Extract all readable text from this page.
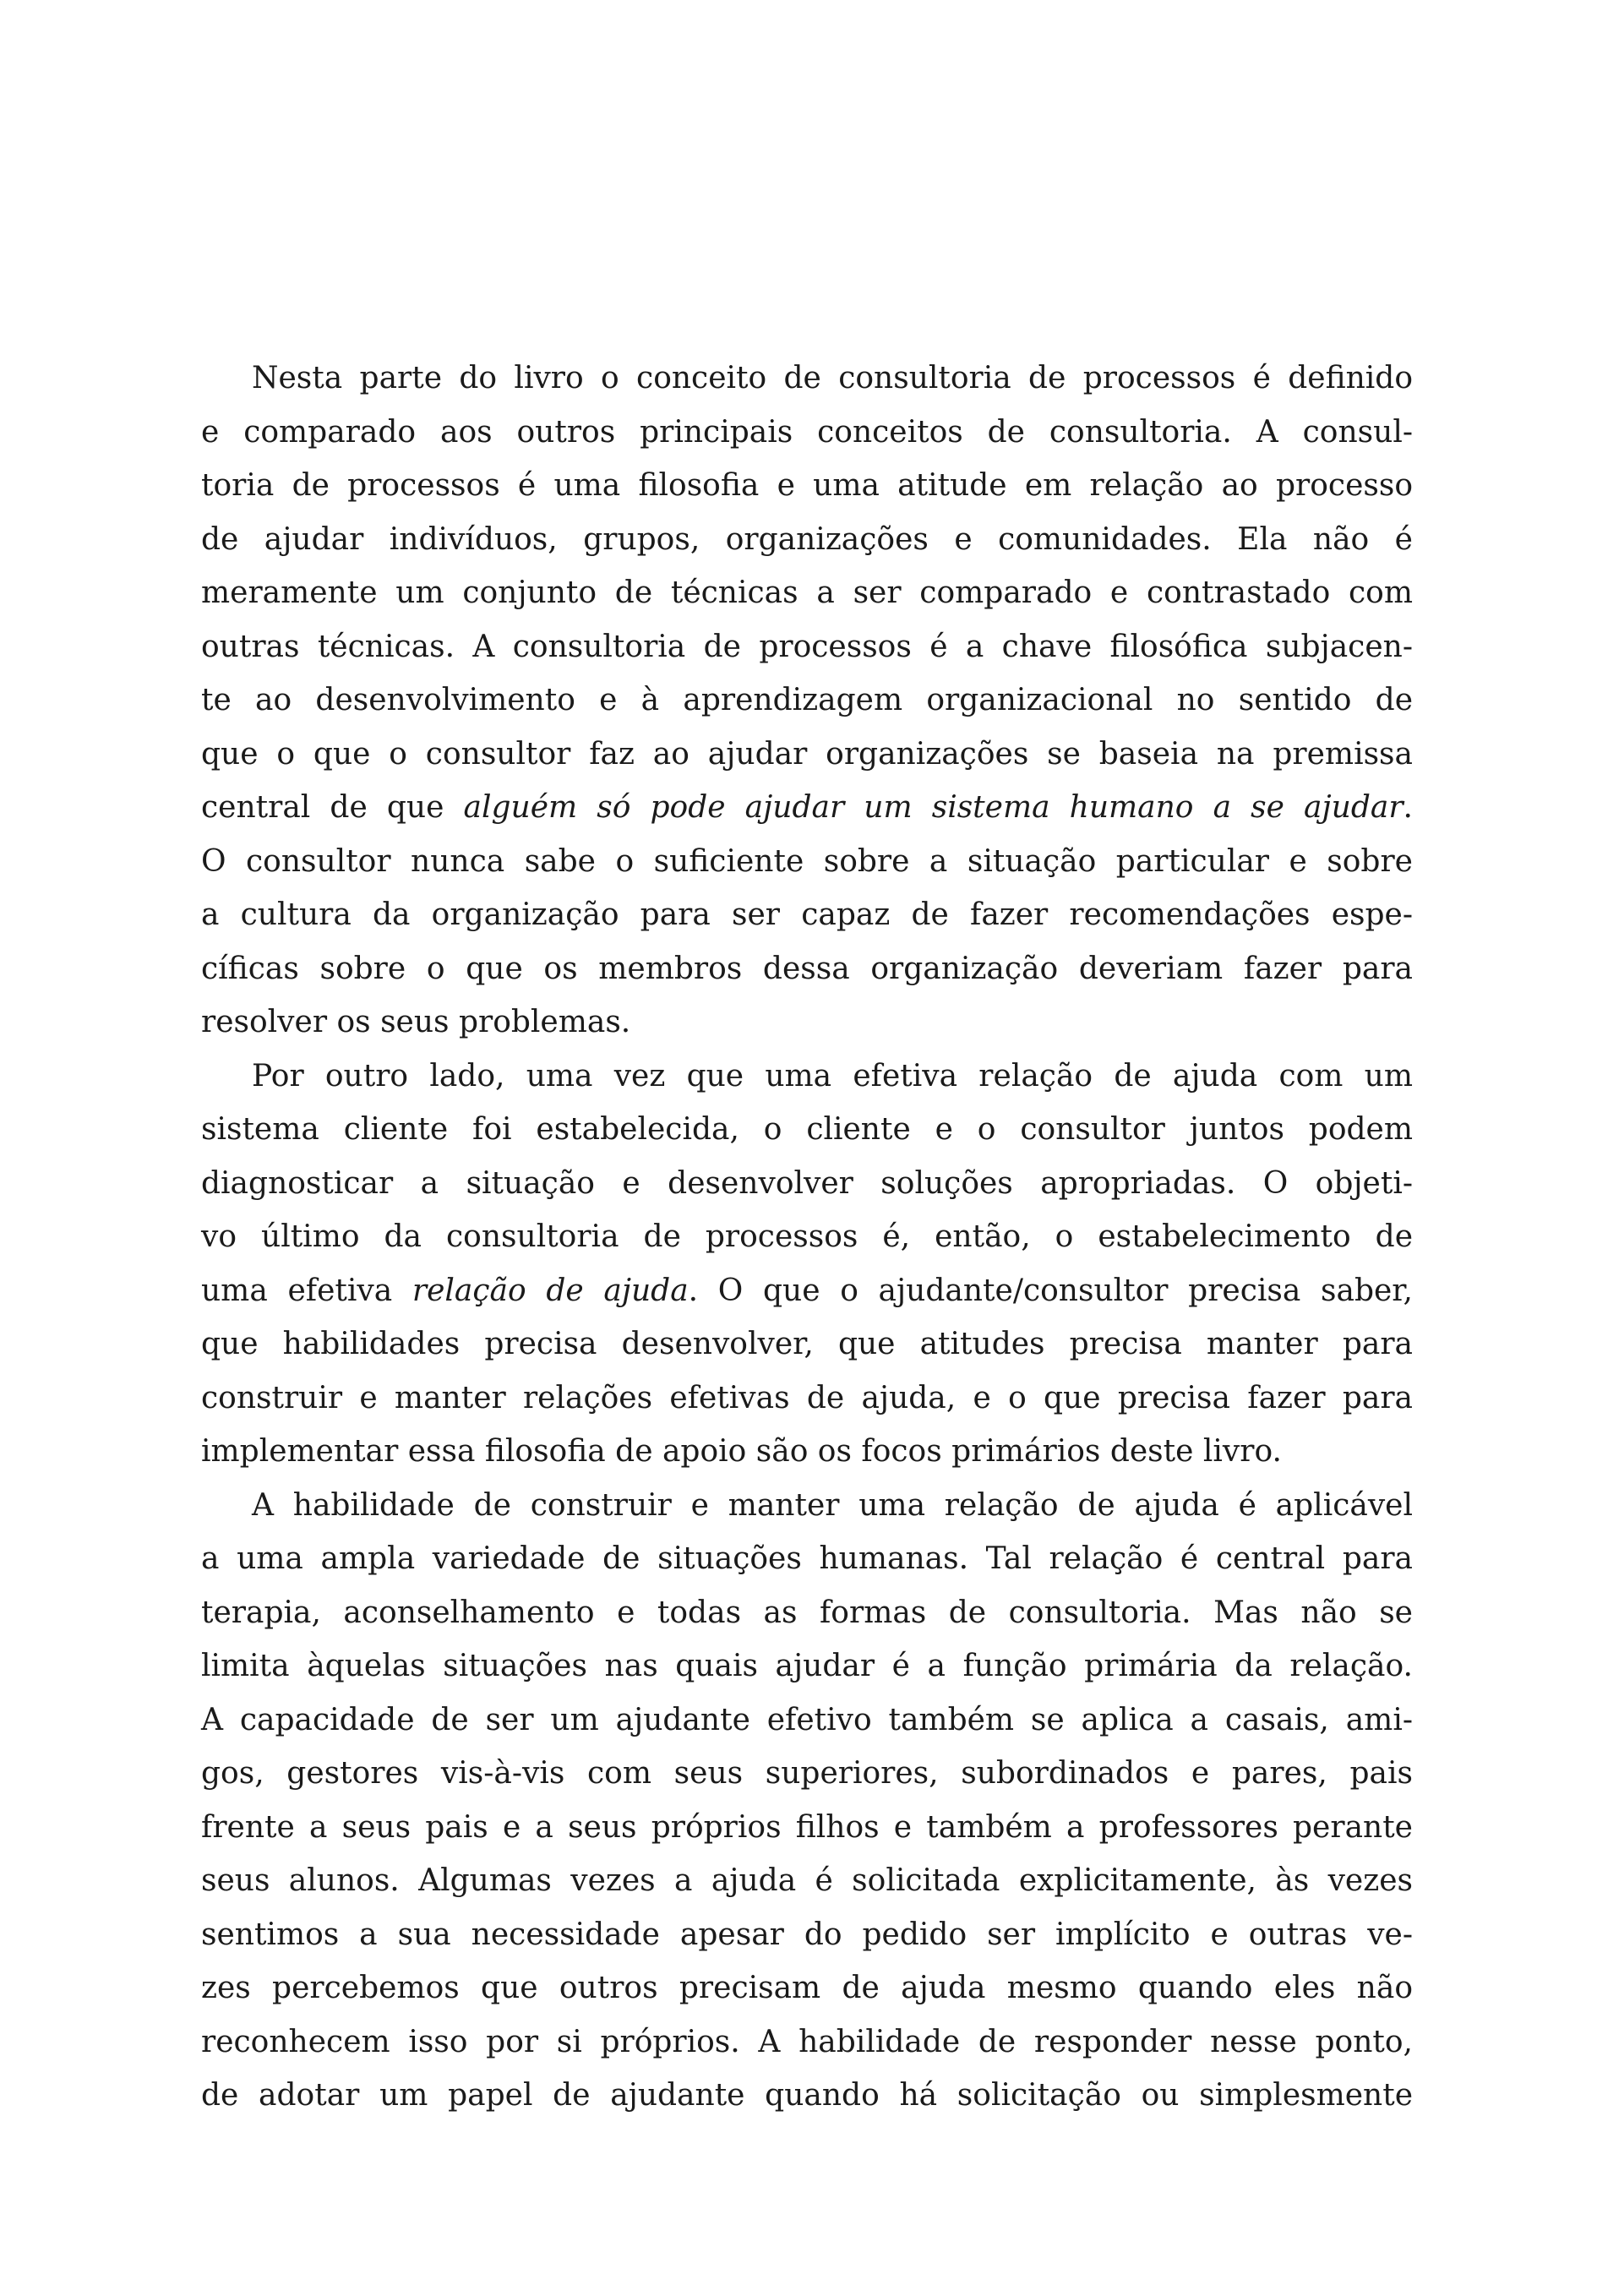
Nesta parte do livro o conceito de consultoria de processos é definido
e comparado aos outros principais conceitos de consultoria. A consul-
toria de processos é uma filosofia e uma atitude em relação ao processo
de ajudar indivíduos, grupos, organizações e comunidades. Ela não é
meramente um conjunto de técnicas a ser comparado e contrastado com
outras técnicas. A consultoria de processos é a chave filosófica subjacen-
te ao desenvolvimento e à aprendizagem organizacional no sentido de
que o que o consultor faz ao ajudar organizações se baseia na premissa
central de que alguém só pode ajudar um sistema humano a se ajudar.
O consultor nunca sabe o suficiente sobre a situação particular e sobre
a cultura da organização para ser capaz de fazer recomendações espe-
cíficas sobre o que os membros dessa organização deveriam fazer para
resolver os seus problemas.
Por outro lado, uma vez que uma efetiva relação de ajuda com um
sistema cliente foi estabelecida, o cliente e o consultor juntos podem
diagnosticar a situação e desenvolver soluções apropriadas. O objeti-
vo último da consultoria de processos é, então, o estabelecimento de
uma efetiva relação de ajuda. O que o ajudante/consultor precisa saber,
que habilidades precisa desenvolver, que atitudes precisa manter para
construir e manter relações efetivas de ajuda, e o que precisa fazer para
implementar essa filosofia de apoio são os focos primários deste livro.
A habilidade de construir e manter uma relação de ajuda é aplicável
a uma ampla variedade de situações humanas. Tal relação é central para
terapia, aconselhamento e todas as formas de consultoria. Mas não se
limita àquelas situações nas quais ajudar é a função primária da relação.
A capacidade de ser um ajudante efetivo também se aplica a casais, ami-
gos, gestores vis-à-vis com seus superiores, subordinados e pares, pais
frente a seus pais e a seus próprios filhos e também a professores perante
seus alunos. Algumas vezes a ajuda é solicitada explicitamente, às vezes
sentimos a sua necessidade apesar do pedido ser implícito e outras ve-
zes percebemos que outros precisam de ajuda mesmo quando eles não
reconhecem isso por si próprios. A habilidade de responder nesse ponto,
de adotar um papel de ajudante quando há solicitação ou simplesmente
